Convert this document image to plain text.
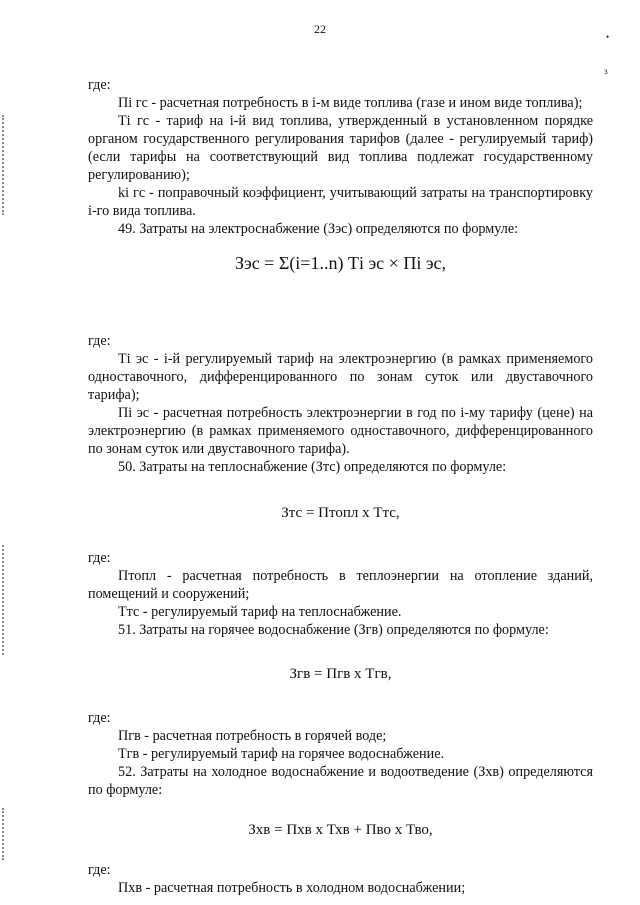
22
•
ɜ

где:

Пi гс - расчетная потребность в i-м виде топлива (газе и ином виде топлива);

Тi гс - тариф на i-й вид топлива, утвержденный в установленном порядке органом государственного регулирования тарифов (далее - регулируемый тариф) (если тарифы на соответствующий вид топлива подлежат государственному регулированию);

ki гс - поправочный коэффициент, учитывающий затраты на транспортировку i-го вида топлива.

49. Затраты на электроснабжение (Зэс) определяются по формуле:

Зэс = Σ(i=1..n) Тi эс × Пi эс,

где:

Тi эс - i-й регулируемый тариф на электроэнергию (в рамках применяемого одноставочного, дифференцированного по зонам суток или двуставочного тарифа);

Пi эс - расчетная потребность электроэнергии в год по i-му тарифу (цене) на электроэнергию (в рамках применяемого одноставочного, дифференцированного по зонам суток или двуставочного тарифа).

50. Затраты на теплоснабжение (Зтс) определяются по формуле:

Зтс = Птопл х Ттс,

где:

Птопл - расчетная потребность в теплоэнергии на отопление зданий, помещений и сооружений;

Ттс - регулируемый тариф на теплоснабжение.

51. Затраты на горячее водоснабжение (Згв) определяются по формуле:

Згв = Пгв х Тгв,

где:

Пгв - расчетная потребность в горячей воде;

Тгв - регулируемый тариф на горячее водоснабжение.

52. Затраты на холодное водоснабжение и водоотведение (Зхв) определяются по формуле:

Зхв = Пхв х Тхв + Пво х Тво,

где:

Пхв - расчетная потребность в холодном водоснабжении;
